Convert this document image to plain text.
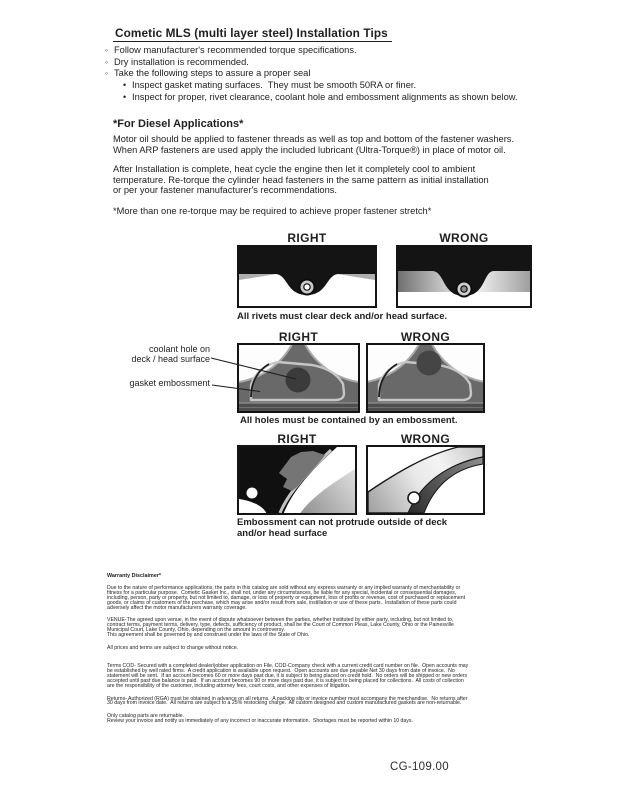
Cometic MLS (multi layer steel) Installation Tips
◦ Follow manufacturer's recommended torque specifications.
◦ Dry installation is recommended.
◦ Take the following steps to assure a proper seal
• Inspect gasket mating surfaces.  They must be smooth 50RA or finer.
• Inspect for proper, rivet clearance, coolant hole and embossment alignments as shown below.
*For Diesel Applications*
Motor oil should be applied to fastener threads as well as top and bottom of the fastener washers.
When ARP fasteners are used apply the included lubricant (Ultra-Torque®) in place of motor oil.
After Installation is complete, heat cycle the engine then let it completely cool to ambient
temperature. Re-torque the cylinder head fasteners in the same pattern as initial installation
or per your fastener manufacturer's recommendations.
*More than one re-torque may be required to achieve proper fastener stretch*
RIGHT	WRONG
All rivets must clear deck and/or head surface.
RIGHT	WRONG
coolant hole on
deck / head surface
gasket embossment
All holes must be contained by an embossment.
RIGHT	WRONG
Embossment can not protrude outside of deck
and/or head surface
Warranty Disclaimer*
Due to the nature of performance applications, the parts in this catalog are sold without any express warranty or any implied warranty of merchantability or
fitness for a particular purpose.  Cometic Gasket Inc., shall not, under any circumstances, be liable for any special, incidental or consequential damages,
including, person, party or property, but not limited to, damage, or loss of property or equipment, loss of profits or revenue, cost of purchased or replacement
goods, or claims of customers of the purchase, which may arise and/or result from sale, instillation or use of these parts.  Installation of these parts could
adversely affect the motor manufacturers warranty coverage.
VENUE-The agreed upon venue, in the event of dispute whatsoever between the parties, whether instituted by either party, including, but not limited to,
contract terms, payment terms, delivery, type, defects, sufficiency of product, shall be the Court of Common Pleas, Lake County, Ohio or the Painesville
Municipal Court, Lake County, Ohio, depending on the amount in controversy.
This agreement shall be governed by and construed under the laws of the State of Ohio.
All prices and terms are subject to change without notice.
Terms COD- Secured with a completed dealer/jobber application on File, COD-Company check with a current credit card number on file.  Open accounts may
be established by well rated firms.  A credit application is available upon request.  Open accounts are due payable Net 30 days from date of invoice.  No
statement will be sent.  If an account becomes 60 or more days past due, it is subject to being placed on credit hold.  No orders will be shipped or new orders
accepted until past due balance is paid.  If an account becomes 90 or more days past due, it is subject to being placed for collections.  All costs of collection
are the responsibility of the customer, including attorney fees, court costs, and other expenses of litigation.
Returns- Authorized (RGA) must be obtained in advance on all returns.  A packing slip or invoice number must accompany the merchandise.  No returns after
30 days from invoice date.  All returns are subject to a 25% restocking charge.  All custom designed and custom manufactured gaskets are non-returnable.
Only catalog parts are returnable.
Review your invoice and notify us immediately of any incorrect or inaccurate information.  Shortages must be reported within 10 days.
CG-109.00
